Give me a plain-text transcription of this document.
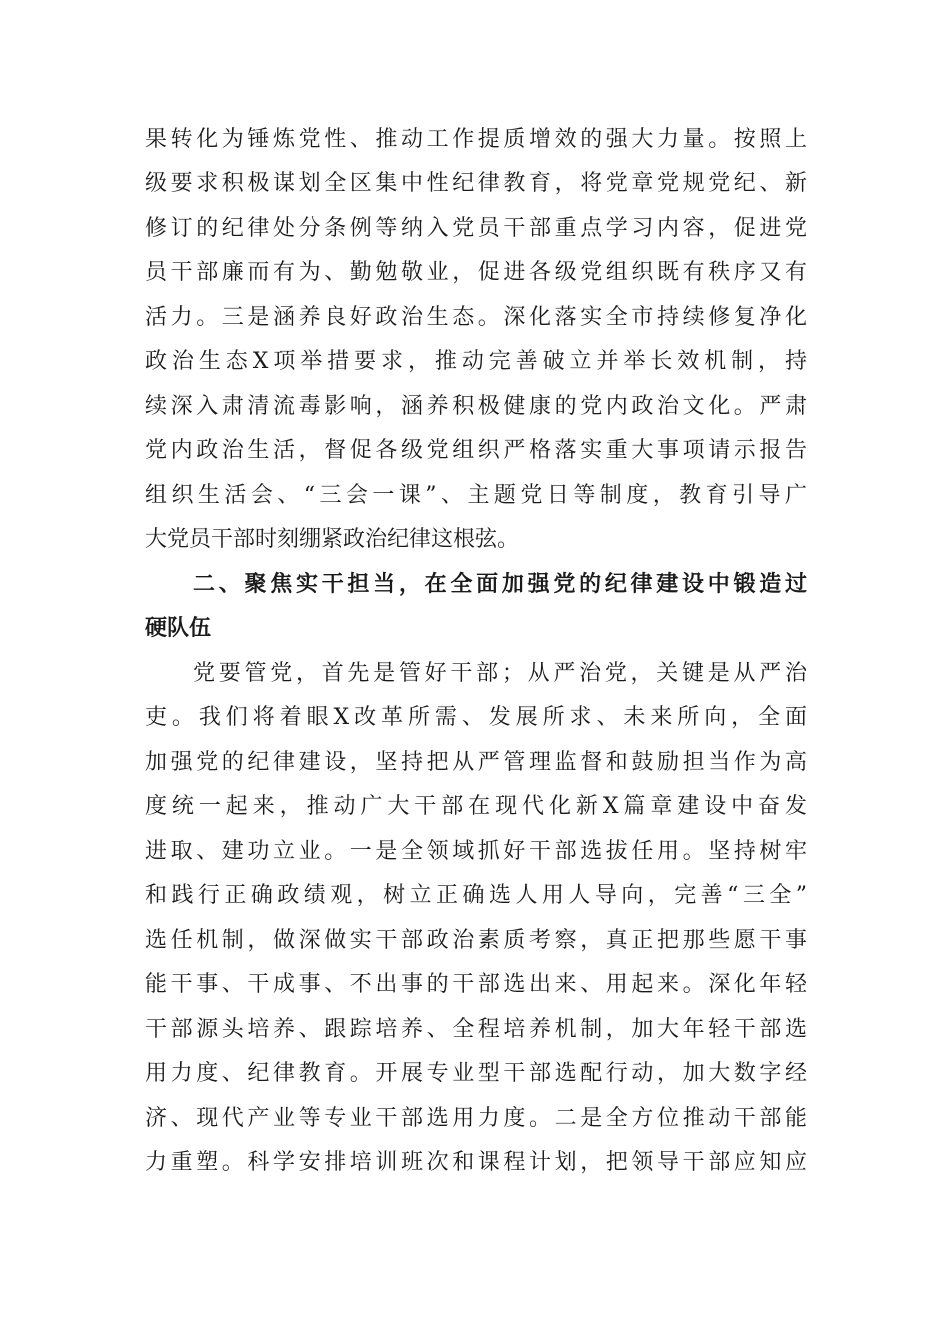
果转化为锤炼党性、推动工作提质增效的强大力量。按照上
级要求积极谋划全区集中性纪律教育，将党章党规党纪、新
修订的纪律处分条例等纳入党员干部重点学习内容，促进党
员干部廉而有为、勤勉敬业，促进各级党组织既有秩序又有
活力。三是涵养良好政治生态。深化落实全市持续修复净化
政治生态X项举措要求，推动完善破立并举长效机制，持
续深入肃清流毒影响，涵养积极健康的党内政治文化。严肃
党内政治生活，督促各级党组织严格落实重大事项请示报告
组织生活会、“三会一课”、主题党日等制度，教育引导广
大党员干部时刻绷紧政治纪律这根弦。
二、聚焦实干担当，在全面加强党的纪律建设中锻造过
硬队伍
党要管党，首先是管好干部；从严治党，关键是从严治
吏。我们将着眼X改革所需、发展所求、未来所向，全面
加强党的纪律建设，坚持把从严管理监督和鼓励担当作为高
度统一起来，推动广大干部在现代化新X篇章建设中奋发
进取、建功立业。一是全领域抓好干部选拔任用。坚持树牢
和践行正确政绩观，树立正确选人用人导向，完善“三全”
选任机制，做深做实干部政治素质考察，真正把那些愿干事
能干事、干成事、不出事的干部选出来、用起来。深化年轻
干部源头培养、跟踪培养、全程培养机制，加大年轻干部选
用力度、纪律教育。开展专业型干部选配行动，加大数字经
济、现代产业等专业干部选用力度。二是全方位推动干部能
力重塑。科学安排培训班次和课程计划，把领导干部应知应
